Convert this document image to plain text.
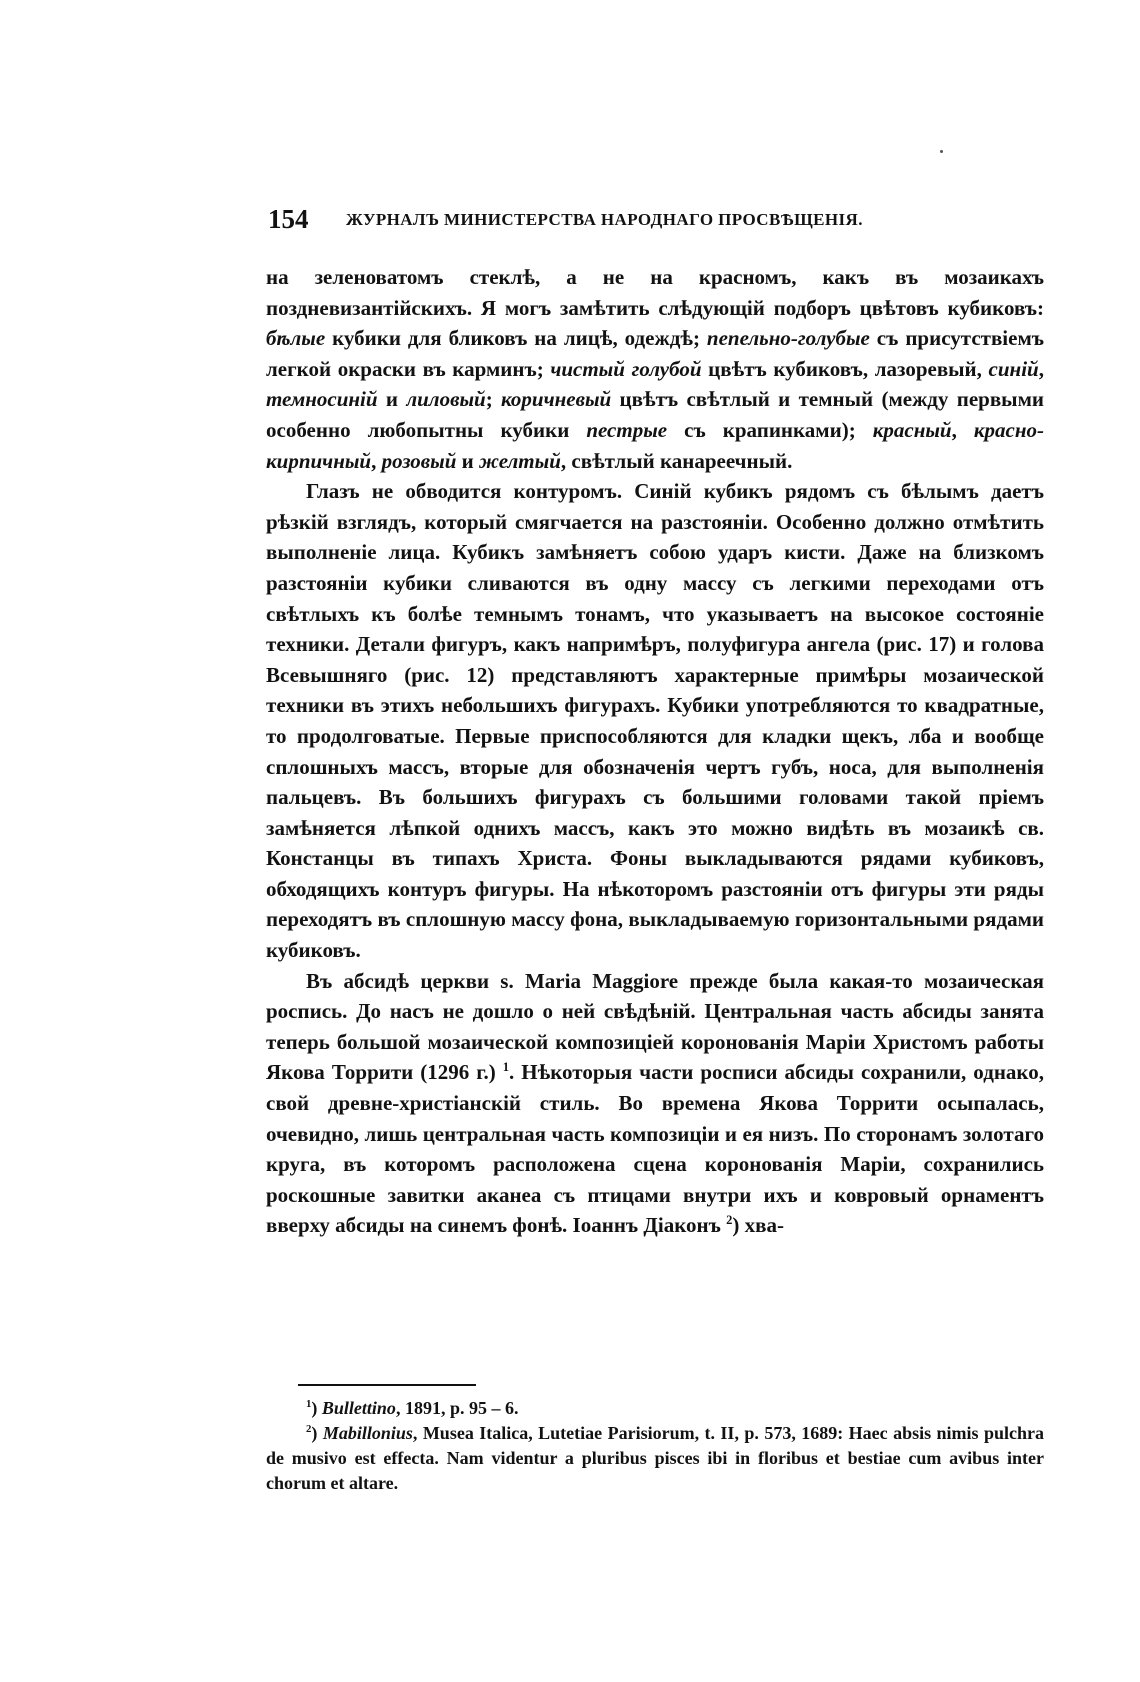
154 ЖУРНАЛЪ МИНИСТЕРСТВА НАРОДНАГО ПРОСВѢЩЕНІЯ.

на зеленоватомъ стеклѣ, а не на красномъ, какъ въ мозаикахъ поздневизантійскихъ. Я могъ замѣтить слѣдующій подборъ цвѣтовъ кубиковъ: бѣлые кубики для бликовъ на лицѣ, одеждѣ; пепельно-голубые съ присутствіемъ легкой окраски въ карминъ; чистый голубой цвѣтъ кубиковъ, лазоревый, синій, темносиній и лиловый; коричневый цвѣтъ свѣтлый и темный (между первыми особенно любопытны кубики пестрые съ крапинками); красный, красно-кирпичный, розовый и желтый, свѣтлый канареечный.

Глазъ не обводится контуромъ. Синій кубикъ рядомъ съ бѣлымъ даетъ рѣзкій взглядъ, который смягчается на разстояніи. Особенно должно отмѣтить выполненіе лица. Кубикъ замѣняетъ собою ударъ кисти. Даже на близкомъ разстояніи кубики сливаются въ одну массу съ легкими переходами отъ свѣтлыхъ къ болѣе темнымъ тонамъ, что указываетъ на высокое состояніе техники. Детали фигуръ, какъ напримѣръ, полуфигура ангела (рис. 17) и голова Всевышняго (рис. 12) представляютъ характерные примѣры мозаической техники въ этихъ небольшихъ фигурахъ. Кубики употребляются то квадратные, то продолговатые. Первые приспособляются для кладки щекъ, лба и вообще сплошныхъ массъ, вторые для обозначенія чертъ губъ, носа, для выполненія пальцевъ. Въ большихъ фигурахъ съ большими головами такой пріемъ замѣняется лѣпкой однихъ массъ, какъ это можно видѣть въ мозаикѣ св. Констанцы въ типахъ Христа. Фоны выкладываются рядами кубиковъ, обходящихъ контуръ фигуры. На нѣкоторомъ разстояніи отъ фигуры эти ряды переходятъ въ сплошную массу фона, выкладываемую горизонтальными рядами кубиковъ.

Въ абсидѣ церкви s. Maria Maggiore прежде была какая-то мозаическая роспись. До насъ не дошло о ней свѣдѣній. Центральная часть абсиды занята теперь большой мозаической композиціей коронованія Маріи Христомъ работы Якова Торрити (1296 г.) $^1$. Нѣкоторыя части росписи абсиды сохранили, однако, свой древне-христіанскій стиль. Во времена Якова Торрити осыпалась, очевидно, лишь центральная часть композиціи и ея низъ. По сторонамъ золотаго круга, въ которомъ расположена сцена коронованія Маріи, сохранились роскошные завитки аканеа съ птицами внутри ихъ и ковровый орнаментъ вверху абсиды на синемъ фонѣ. Іоаннъ Діаконъ $^2$) хва-

$^1$) Bullettino, 1891, p. 95 – 6.

$^2$) Mabillonius, Musea Italica, Lutetiae Parisiorum, t. II, p. 573, 1689: Haec absis nimis pulchra de musivo est effecta. Nam videntur a pluribus pisces ibi in floribus et bestiae cum avibus inter chorum et altare.
